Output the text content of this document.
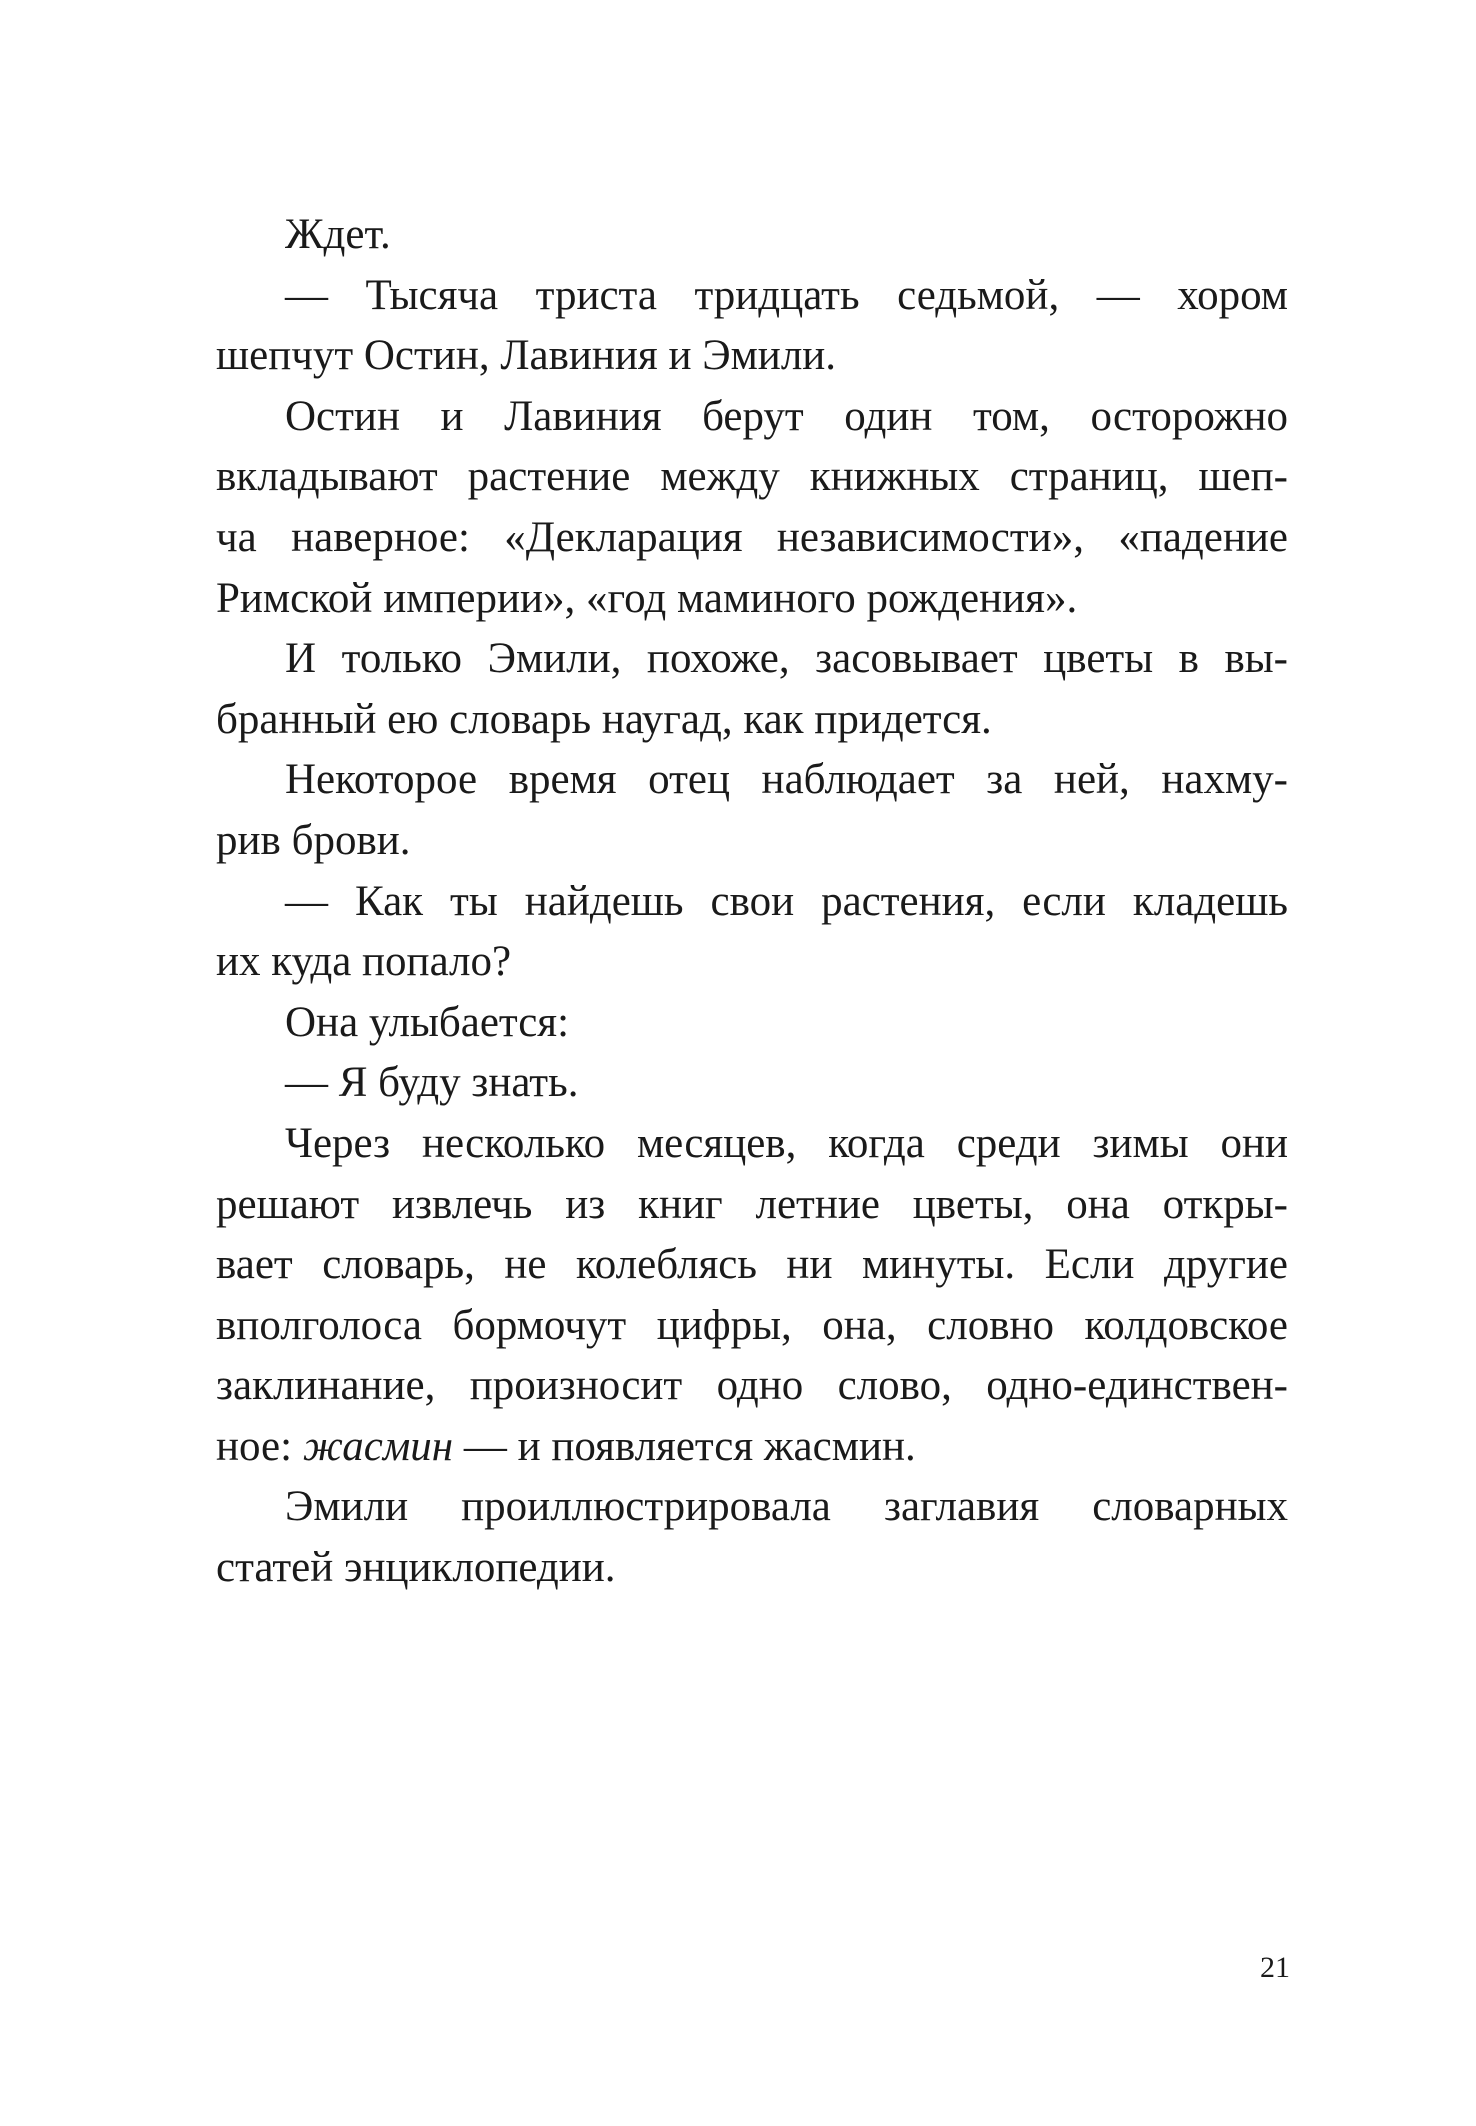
Ждет.
— Тысяча триста тридцать седьмой, — хором
шепчут Остин, Лавиния и Эмили.
Остин и Лавиния берут один том, осторожно
вкладывают растение между книжных страниц, шеп-
ча наверное: «Декларация независимости», «падение
Римской империи», «год маминого рождения».
И только Эмили, похоже, засовывает цветы в вы-
бранный ею словарь наугад, как придется.
Некоторое время отец наблюдает за ней, нахму-
рив брови.
— Как ты найдешь свои растения, если кладешь
их куда попало?
Она улыбается:
— Я буду знать.
Через несколько месяцев, когда среди зимы они
решают извлечь из книг летние цветы, она откры-
вает словарь, не колеблясь ни минуты. Если другие
вполголоса бормочут цифры, она, словно колдовское
заклинание, произносит одно слово, одно-единствен-
ное: жасмин — и появляется жасмин.
Эмили проиллюстрировала заглавия словарных
статей энциклопедии.
21
